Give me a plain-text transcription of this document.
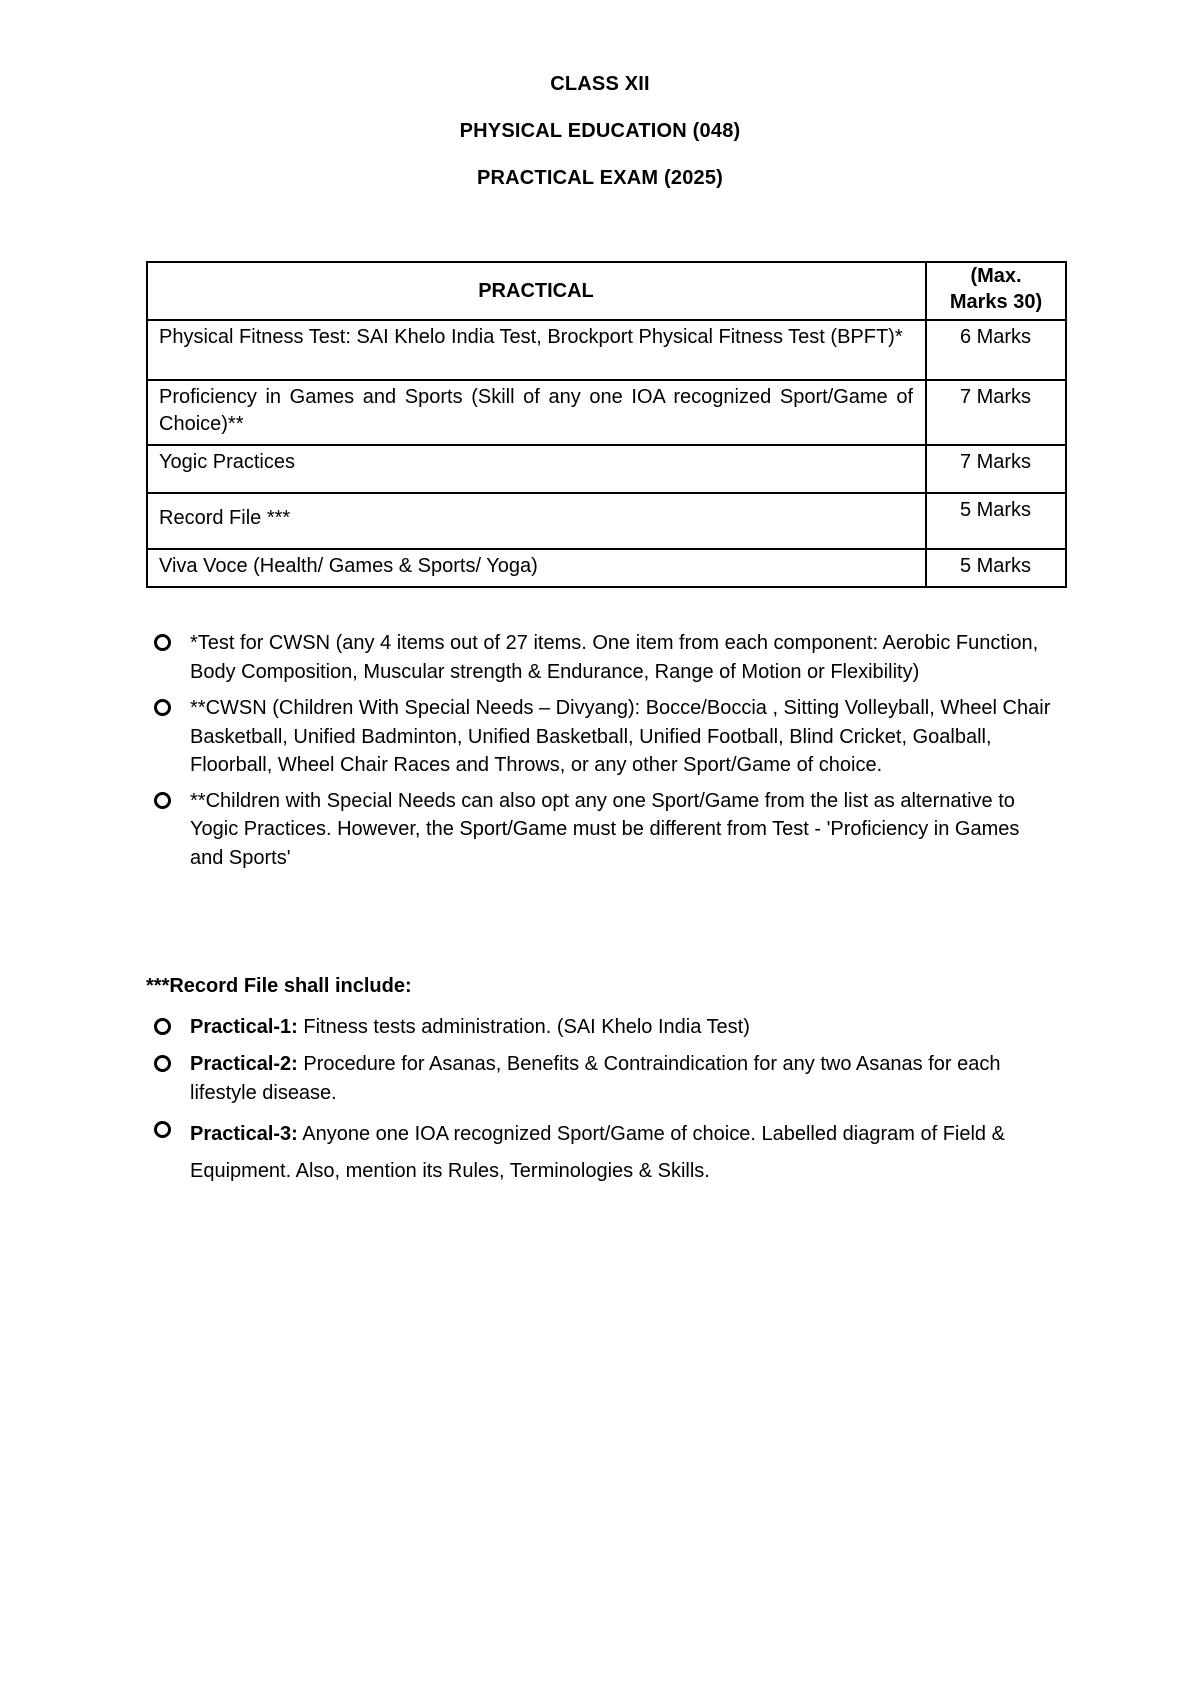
CLASS XII
PHYSICAL EDUCATION (048)
PRACTICAL EXAM (2025)
PRACTICAL	(Max.
Marks 30)
Physical Fitness Test: SAI Khelo India Test, Brockport Physical Fitness Test (BPFT)*	6 Marks
Proficiency in Games and Sports (Skill of any one IOA recognized Sport/Game of Choice)**	7 Marks
Yogic Practices	7 Marks
Record File ***	5 Marks
Viva Voce (Health/ Games & Sports/ Yoga)	5 Marks
*Test for CWSN (any 4 items out of 27 items. One item from each component: Aerobic Function, Body Composition, Muscular strength & Endurance, Range of Motion or Flexibility)
**CWSN (Children With Special Needs – Divyang): Bocce/Boccia , Sitting Volleyball, Wheel Chair Basketball, Unified Badminton, Unified Basketball, Unified Football, Blind Cricket, Goalball, Floorball, Wheel Chair Races and Throws, or any other Sport/Game of choice.
**Children with Special Needs can also opt any one Sport/Game from the list as alternative to Yogic Practices. However, the Sport/Game must be different from Test - 'Proficiency in Games and Sports'
***Record File shall include:
Practical-1: Fitness tests administration. (SAI Khelo India Test)
Practical-2: Procedure for Asanas, Benefits & Contraindication for any two Asanas for each lifestyle disease.
Practical-3: Anyone one IOA recognized Sport/Game of choice. Labelled diagram of Field & Equipment. Also, mention its Rules, Terminologies & Skills.
